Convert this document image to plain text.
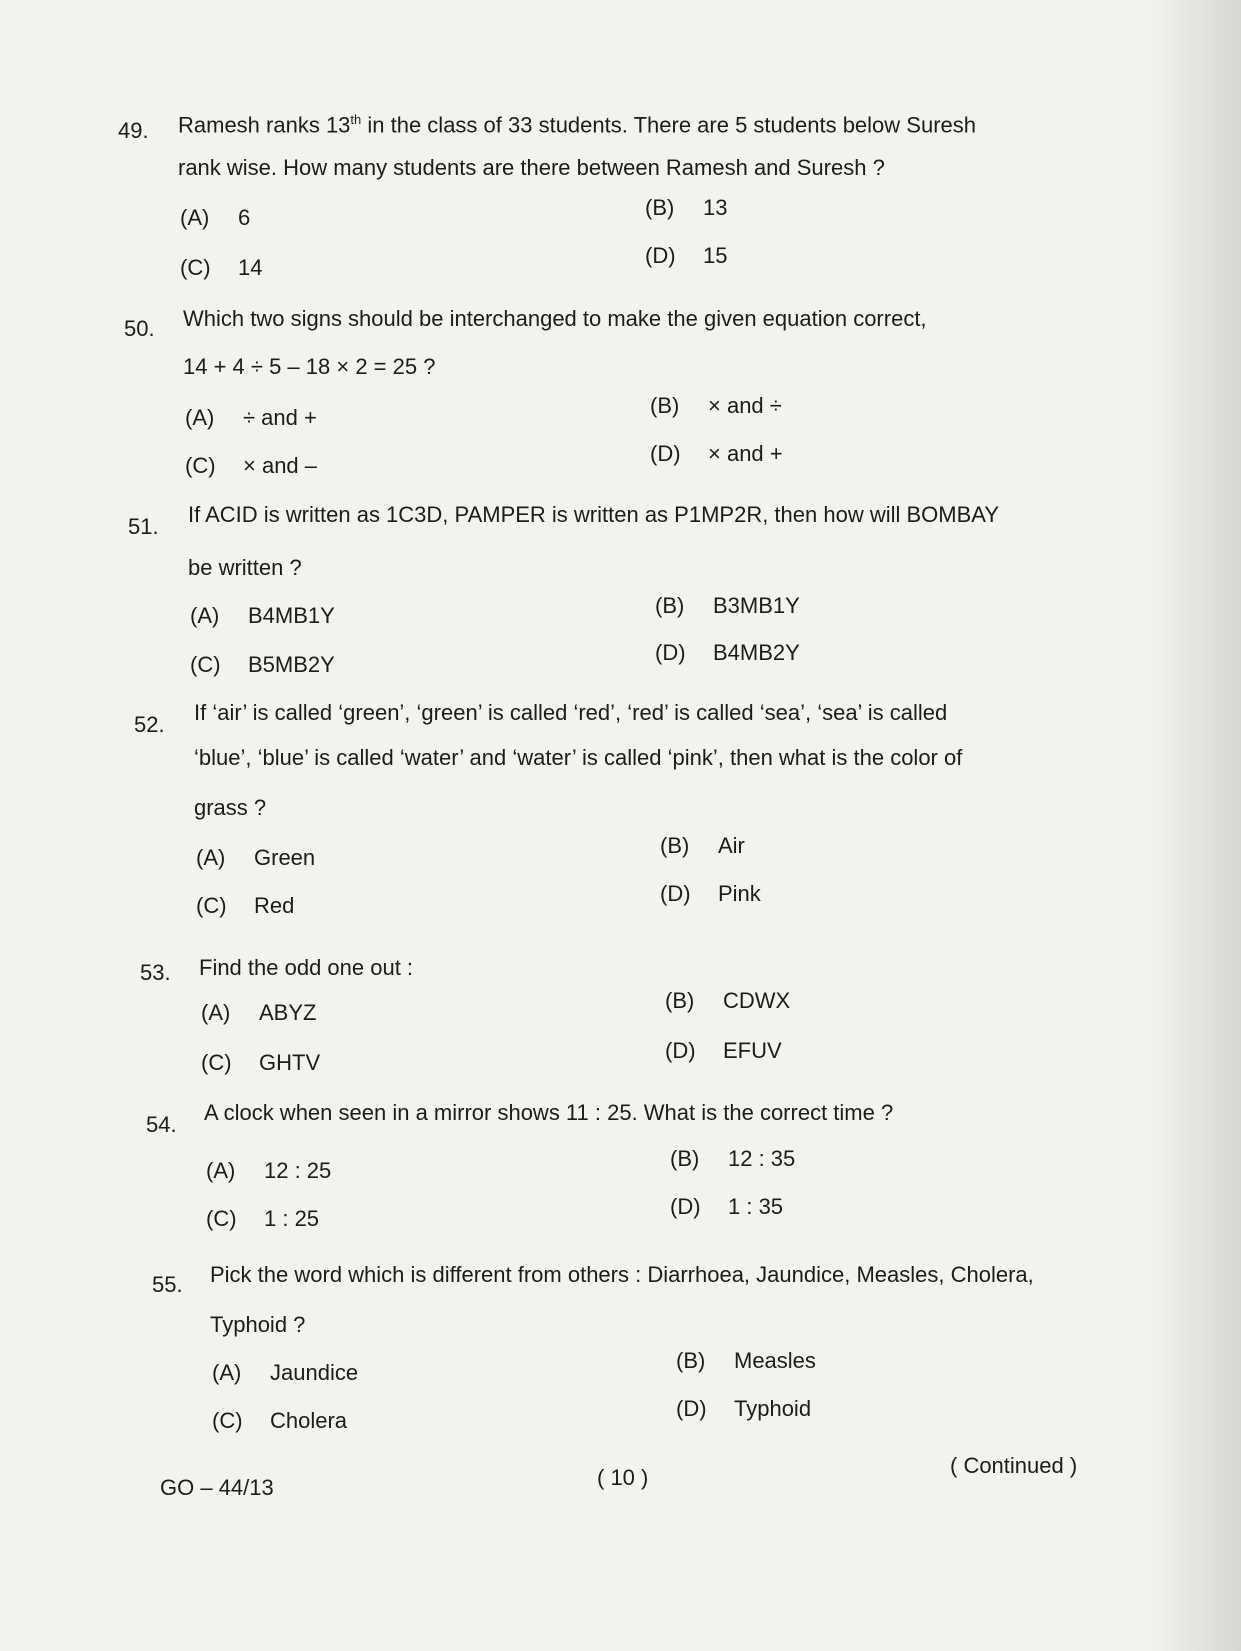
49. Ramesh ranks 13th in the class of 33 students. There are 5 students below Suresh
rank wise. How many students are there between Ramesh and Suresh ?
(A) 6	(B) 13
(C) 14	(D) 15
50. Which two signs should be interchanged to make the given equation correct,
14 + 4 ÷ 5 – 18 × 2 = 25 ?
(A) ÷ and +	(B) × and ÷
(C) × and –	(D) × and +
51. If ACID is written as 1C3D, PAMPER is written as P1MP2R, then how will BOMBAY
be written ?
(A) B4MB1Y	(B) B3MB1Y
(C) B5MB2Y	(D) B4MB2Y
52. If ‘air’ is called ‘green’, ‘green’ is called ‘red’, ‘red’ is called ‘sea’, ‘sea’ is called
‘blue’, ‘blue’ is called ‘water’ and ‘water’ is called ‘pink’, then what is the color of
grass ?
(A) Green	(B) Air
(C) Red	(D) Pink
53. Find the odd one out :
(A) ABYZ	(B) CDWX
(C) GHTV	(D) EFUV
54. A clock when seen in a mirror shows 11 : 25. What is the correct time ?
(A) 12 : 25	(B) 12 : 35
(C) 1 : 25	(D) 1 : 35
55. Pick the word which is different from others : Diarrhoea, Jaundice, Measles, Cholera,
Typhoid ?
(A) Jaundice	(B) Measles
(C) Cholera	(D) Typhoid
GO – 44/13	( 10 )	( Continued )
